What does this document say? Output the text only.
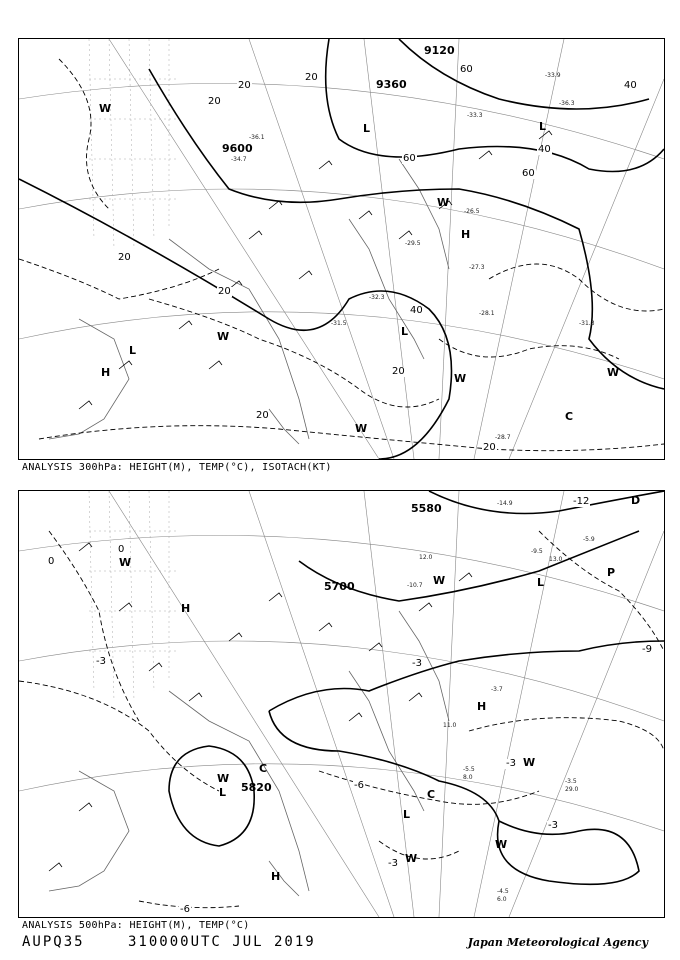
9120
9360
9600
20
20
20
20
20
20
20
40
40
40
60
60
60
20
W
L	L
H
L
W
W
H	W
L
C
W
W
-36.1
-34.7
-26.5
-29.5
-32.3
-31.5
-28.1
-28.7
-33.3
-31.3
-27.3
-33.9
-36.3
ANALYSIS 300hPa: HEIGHT(M), TEMP(°C), ISOTACH(KT)
5700
5820
5580
0
-3	-3
-3
-6
-6
-9
-12
-3
-3
0	W
H
W
L
L
H
W
W
W
L
C
H
C
D
P
W
-10.7
12.0
-3.7
11.0
-5.5
8.0
-4.5
6.0
-3.5
29.0
-14.9
13.0
-9.5
-5.9
ANALYSIS 500hPa: HEIGHT(M), TEMP(°C)
AUPQ35	310000UTC JUL 2019	Japan Meteorological Agency
